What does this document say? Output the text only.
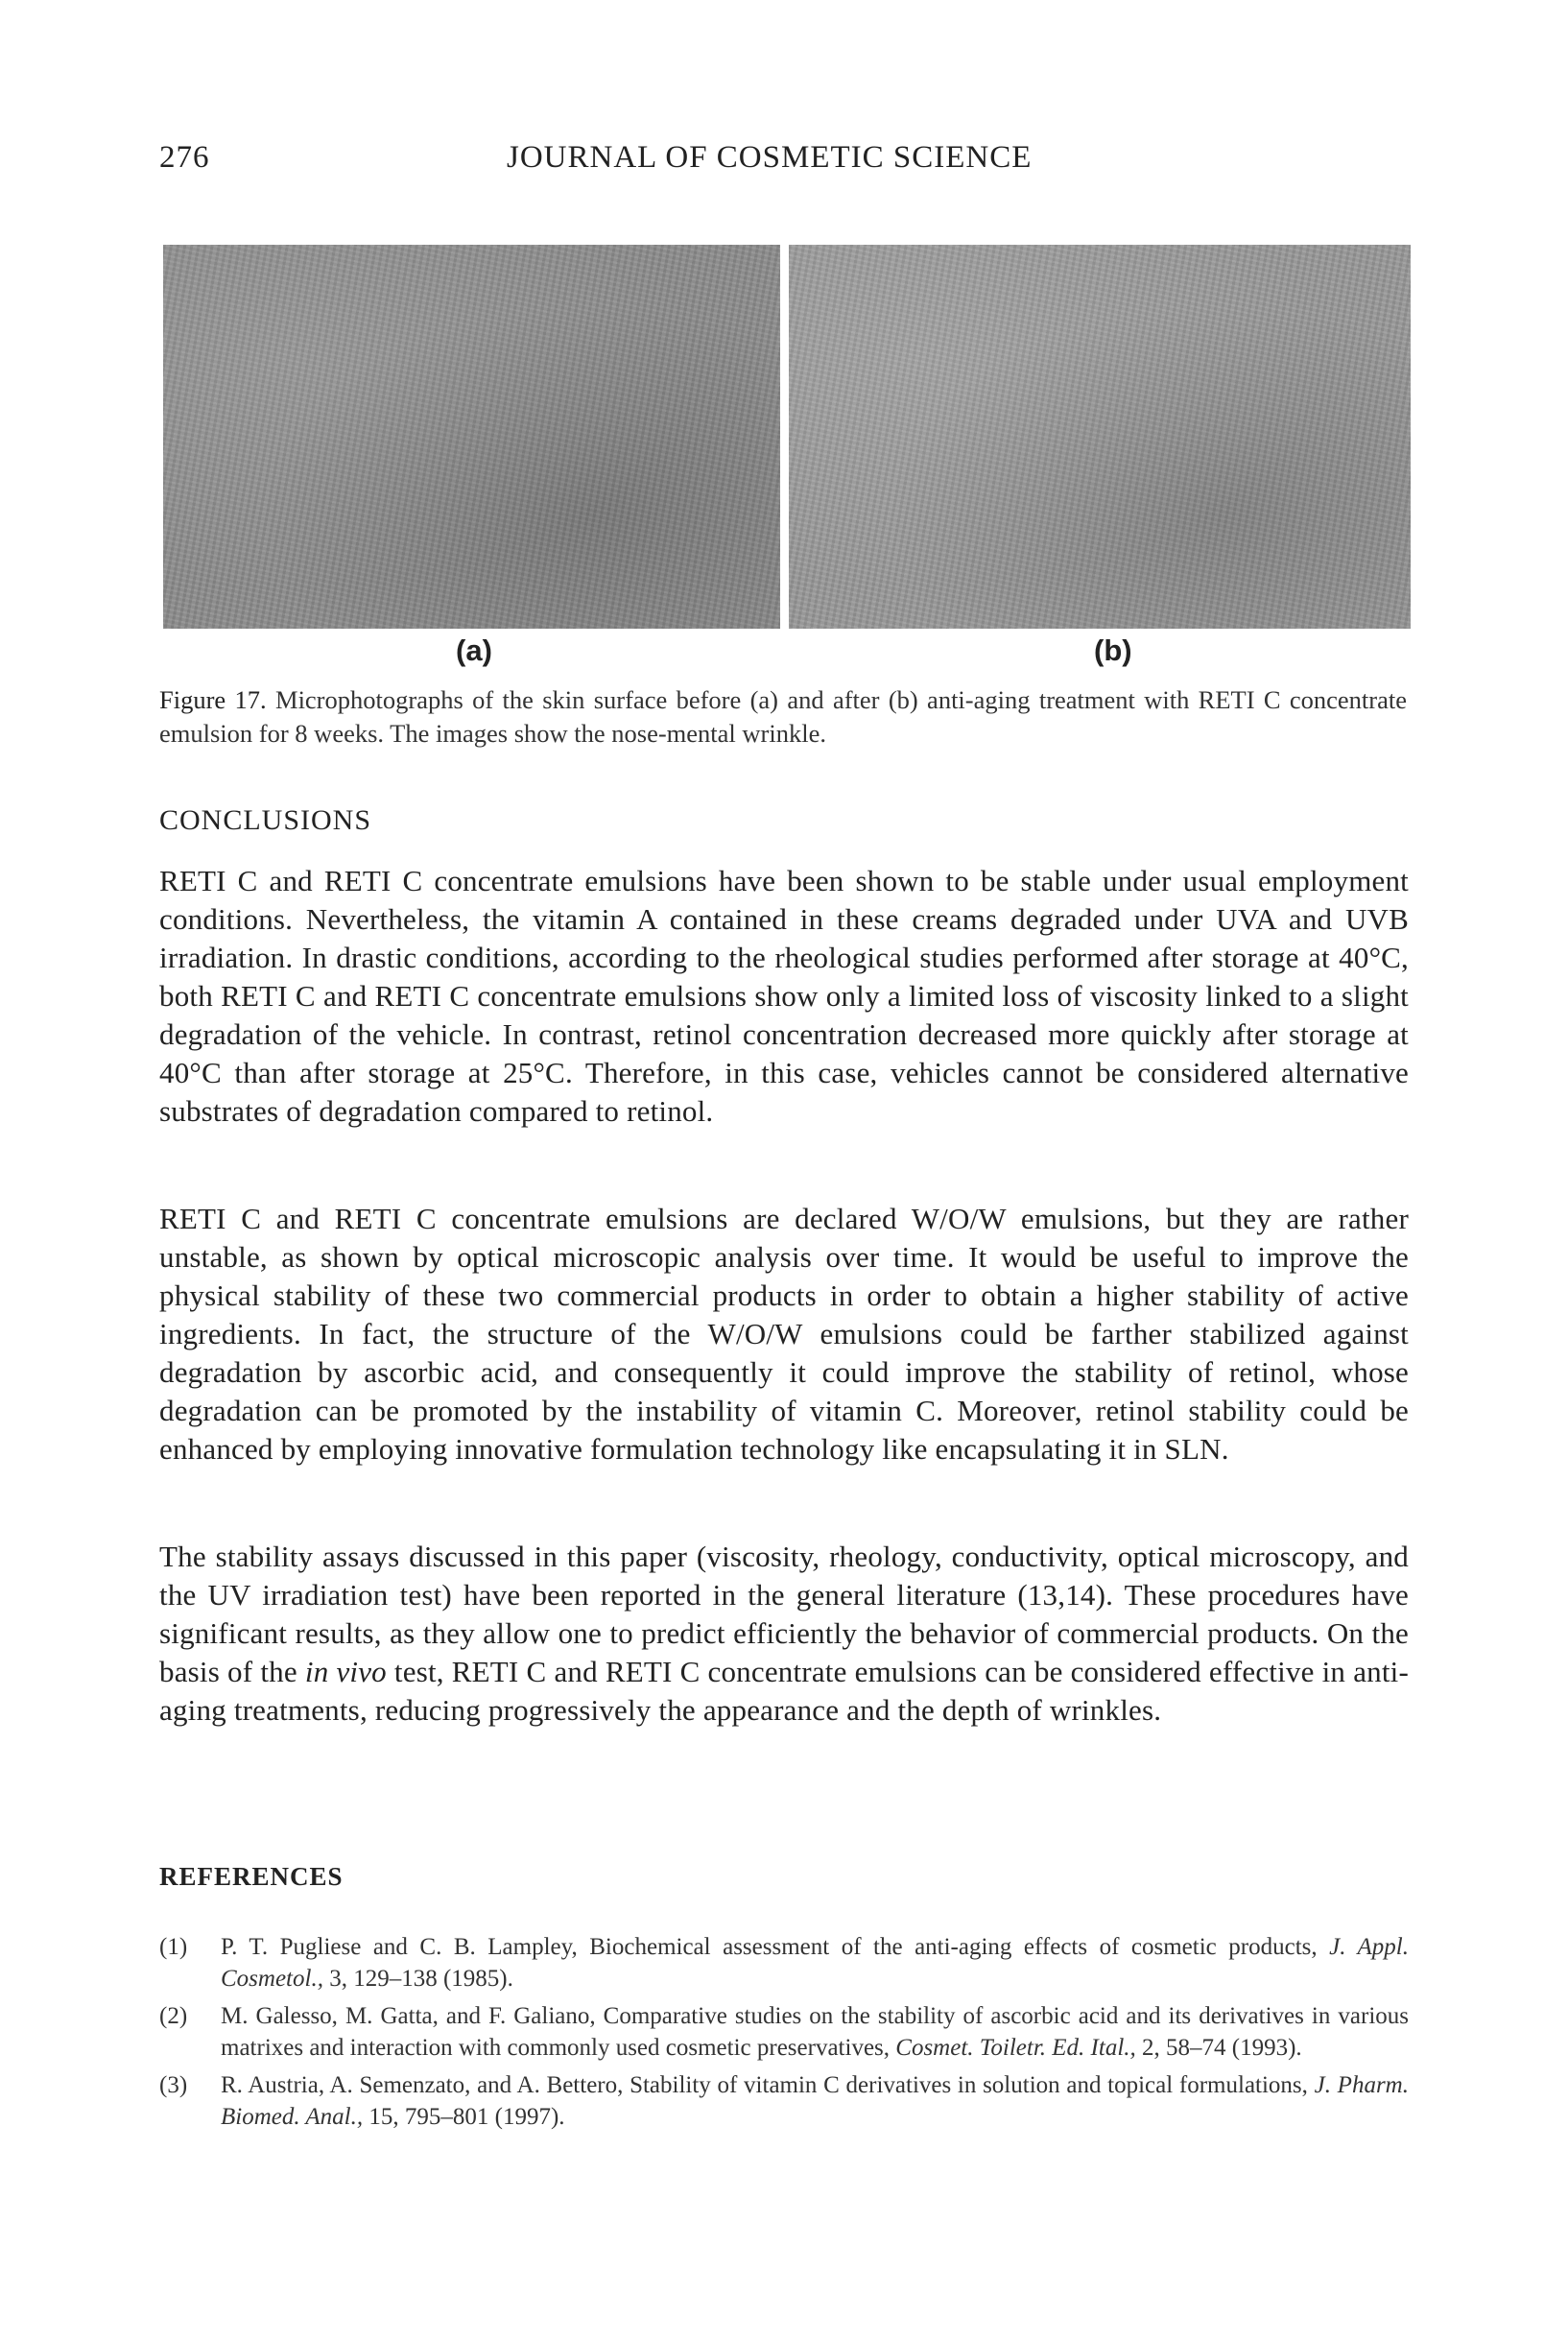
276	JOURNAL OF COSMETIC SCIENCE
(a)	(b)
Figure 17. Microphotographs of the skin surface before (a) and after (b) anti-aging treatment with RETI C concentrate emulsion for 8 weeks. The images show the nose-mental wrinkle.
CONCLUSIONS

RETI C and RETI C concentrate emulsions have been shown to be stable under usual employment conditions. Nevertheless, the vitamin A contained in these creams degraded under UVA and UVB irradiation. In drastic conditions, according to the rheological studies performed after storage at 40°C, both RETI C and RETI C concentrate emulsions show only a limited loss of viscosity linked to a slight degradation of the vehicle. In contrast, retinol concentration decreased more quickly after storage at 40°C than after storage at 25°C. Therefore, in this case, vehicles cannot be considered alternative substrates of degradation compared to retinol.

RETI C and RETI C concentrate emulsions are declared W/O/W emulsions, but they are rather unstable, as shown by optical microscopic analysis over time. It would be useful to improve the physical stability of these two commercial products in order to obtain a higher stability of active ingredients. In fact, the structure of the W/O/W emulsions could be farther stabilized against degradation by ascorbic acid, and consequently it could improve the stability of retinol, whose degradation can be promoted by the instability of vitamin C. Moreover, retinol stability could be enhanced by employing innovative formulation technology like encapsulating it in SLN.

The stability assays discussed in this paper (viscosity, rheology, conductivity, optical microscopy, and the UV irradiation test) have been reported in the general literature (13,14). These procedures have significant results, as they allow one to predict efficiently the behavior of commercial products. On the basis of the in vivo test, RETI C and RETI C concentrate emulsions can be considered effective in anti-aging treatments, reducing progressively the appearance and the depth of wrinkles.

REFERENCES
(1) P. T. Pugliese and C. B. Lampley, Biochemical assessment of the anti-aging effects of cosmetic products, J. Appl. Cosmetol., 3, 129–138 (1985).
(2) M. Galesso, M. Gatta, and F. Galiano, Comparative studies on the stability of ascorbic acid and its derivatives in various matrixes and interaction with commonly used cosmetic preservatives, Cosmet. Toiletr. Ed. Ital., 2, 58–74 (1993).
(3) R. Austria, A. Semenzato, and A. Bettero, Stability of vitamin C derivatives in solution and topical formulations, J. Pharm. Biomed. Anal., 15, 795–801 (1997).
